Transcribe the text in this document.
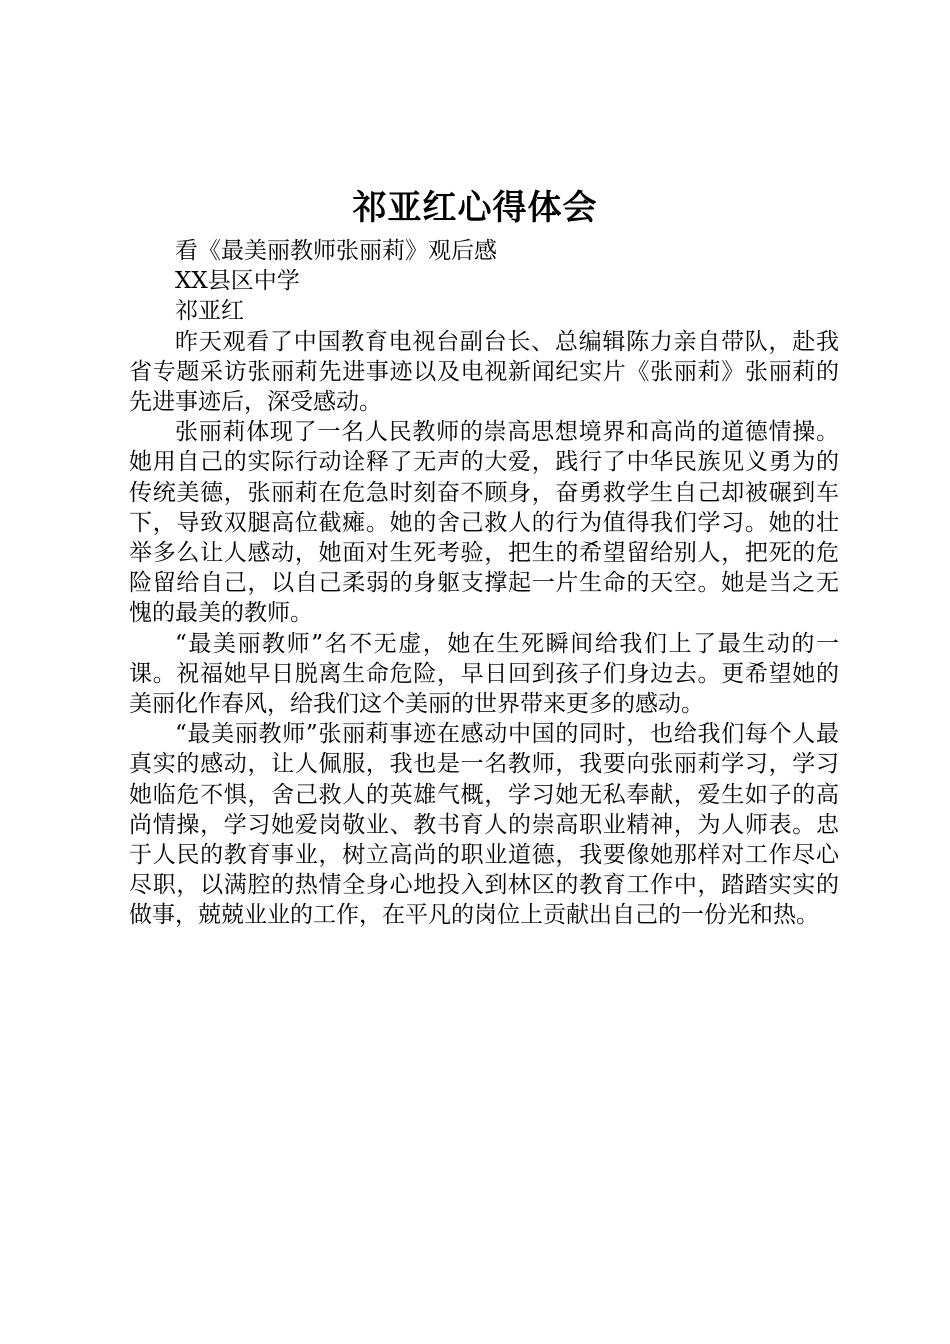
祁亚红心得体会

看《最美丽教师张丽莉》观后感

XX县区中学

祁亚红

昨天观看了中国教育电视台副台长、总编辑陈力亲自带队，赴我省专题采访张丽莉先进事迹以及电视新闻纪实片《张丽莉》张丽莉的先进事迹后，深受感动。

张丽莉体现了一名人民教师的崇高思想境界和高尚的道德情操。她用自己的实际行动诠释了无声的大爱，践行了中华民族见义勇为的传统美德，张丽莉在危急时刻奋不顾身，奋勇救学生自己却被碾到车下，导致双腿高位截瘫。她的舍己救人的行为值得我们学习。她的壮举多么让人感动，她面对生死考验，把生的希望留给别人，把死的危险留给自己，以自己柔弱的身躯支撑起一片生命的天空。她是当之无愧的最美的教师。

“最美丽教师”名不无虚，她在生死瞬间给我们上了最生动的一课。祝福她早日脱离生命危险，早日回到孩子们身边去。更希望她的美丽化作春风，给我们这个美丽的世界带来更多的感动。

“最美丽教师”张丽莉事迹在感动中国的同时，也给我们每个人最真实的感动，让人佩服，我也是一名教师，我要向张丽莉学习，学习她临危不惧，舍己救人的英雄气概，学习她无私奉献，爱生如子的高尚情操，学习她爱岗敬业、教书育人的崇高职业精神，为人师表。忠于人民的教育事业，树立高尚的职业道德，我要像她那样对工作尽心尽职，以满腔的热情全身心地投入到林区的教育工作中，踏踏实实的做事，兢兢业业的工作，在平凡的岗位上贡献出自己的一份光和热。
